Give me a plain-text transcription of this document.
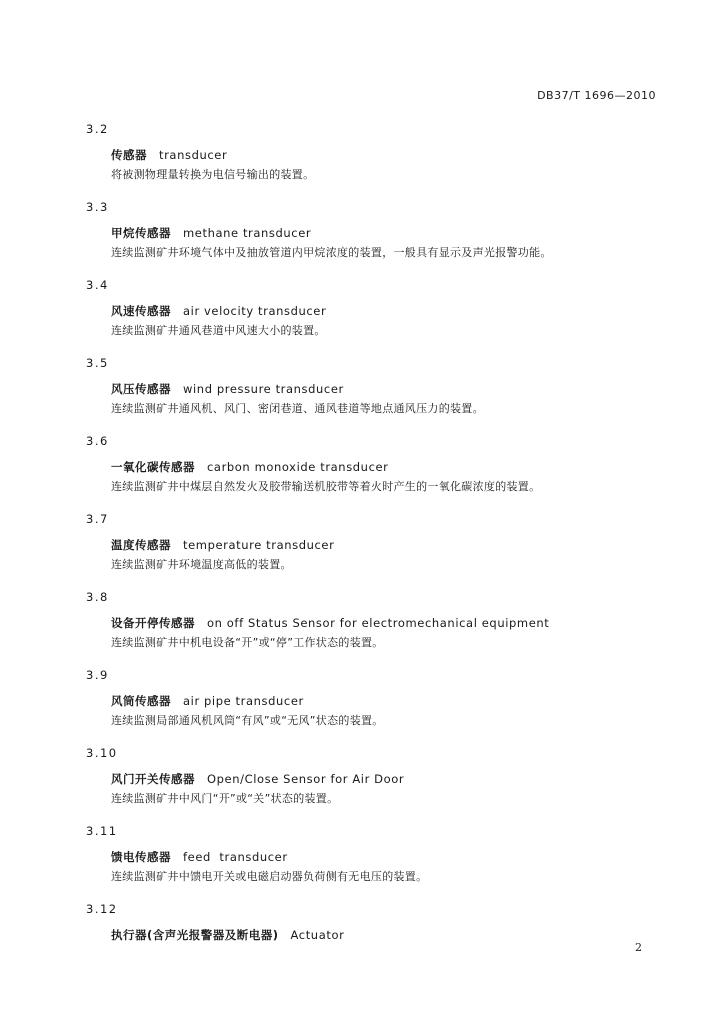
DB37/T 1696—2010
3.2
传感器 transducer
将被测物理量转换为电信号输出的装置。
3.3
甲烷传感器 methane transducer
连续监测矿井环境气体中及抽放管道内甲烷浓度的装置，一般具有显示及声光报警功能。
3.4
风速传感器 air velocity transducer
连续监测矿井通风巷道中风速大小的装置。
3.5
风压传感器 wind pressure transducer
连续监测矿井通风机、风门、密闭巷道、通风巷道等地点通风压力的装置。
3.6
一氧化碳传感器 carbon monoxide transducer
连续监测矿井中煤层自然发火及胶带输送机胶带等着火时产生的一氧化碳浓度的装置。
3.7
温度传感器 temperature transducer
连续监测矿井环境温度高低的装置。
3.8
设备开停传感器 on off Status Sensor for electromechanical equipment
连续监测矿井中机电设备“开”或“停”工作状态的装置。
3.9
风筒传感器 air pipe transducer
连续监测局部通风机风筒“有风”或“无风”状态的装置。
3.10
风门开关传感器 Open/Close Sensor for Air Door
连续监测矿井中风门“开”或“关”状态的装置。
3.11
馈电传感器 feed  transducer
连续监测矿井中馈电开关或电磁启动器负荷侧有无电压的装置。
3.12
执行器(含声光报警器及断电器) Actuator
2
